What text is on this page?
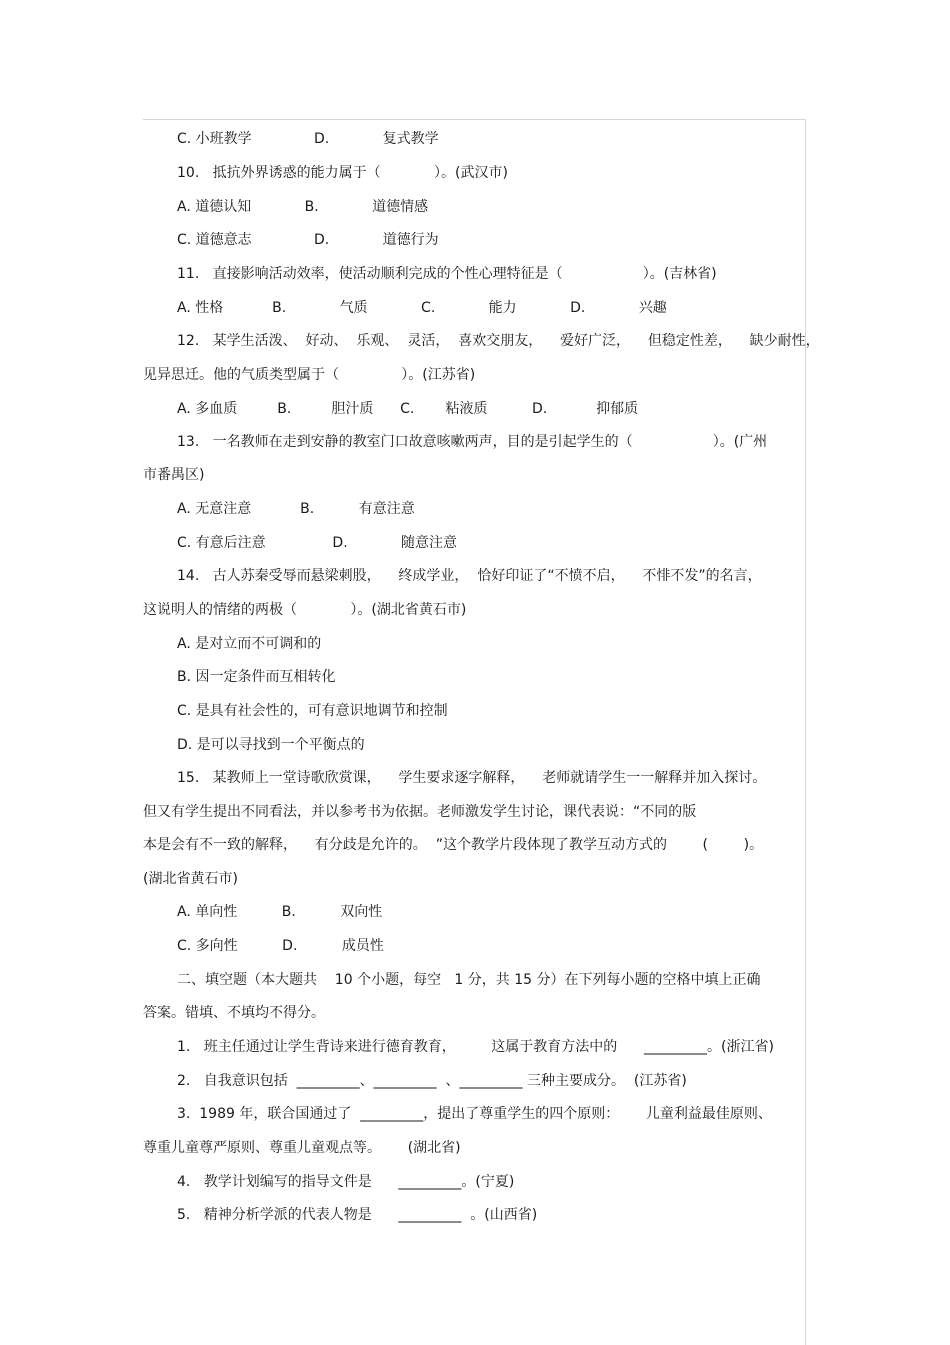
C. 小班教学              D.            复式教学
10.   抵抗外界诱惑的能力属于（            ）。(武汉市)
A. 道德认知            B.            道德情感
C. 道德意志              D.            道德行为
11.   直接影响活动效率，使活动顺利完成的个性心理特征是（                  ）。(吉林省)
A. 性格           B.            气质            C.            能力            D.            兴趣
12.   某学生活泼、  好动、  乐观、  灵活，  喜欢交朋友，    爱好广泛，    但稳定性差，    缺少耐性，
见异思迁。他的气质类型属于（              ）。(江苏省)
A. 多血质         B.         胆汁质      C.       粘液质          D.           抑郁质
13.   一名教师在走到安静的教室门口故意咳嗽两声，目的是引起学生的（                  ）。(广州
市番禺区)
A. 无意注意           B.          有意注意
C. 有意后注意               D.            随意注意
14.   古人苏秦受辱而悬梁刺股，    终成学业，  恰好印证了“不愤不启，    不悱不发”的名言，
这说明人的情绪的两极（            ）。(湖北省黄石市)
A. 是对立而不可调和的
B. 因一定条件而互相转化
C. 是具有社会性的，可有意识地调节和控制
D. 是可以寻找到一个平衡点的
15.   某教师上一堂诗歌欣赏课，    学生要求逐字解释，    老师就请学生一一解释并加入探讨。
但又有学生提出不同看法，并以参考书为依据。老师激发学生讨论，课代表说：“不同的版
本是会有不一致的解释，    有分歧是允许的。  ”这个教学片段体现了教学互动方式的        (        )。
(湖北省黄石市)
A. 单向性          B.          双向性
C. 多向性          D.          成员性
二、填空题（本大题共    10 个小题，每空   1 分，共 15 分）在下列每小题的空格中填上正确
答案。错填、不填均不得分。
1.   班主任通过让学生背诗来进行德育教育，        这属于教育方法中的      _________。(浙江省)
2.   自我意识包括  _________、_________  、_________ 三种主要成分。  (江苏省)
3.  1989 年，联合国通过了  _________，提出了尊重学生的四个原则：      儿童利益最佳原则、
尊重儿童尊严原则、尊重儿童观点等。      (湖北省)
4.   教学计划编写的指导文件是      _________。(宁夏)
5.   精神分析学派的代表人物是      _________  。(山西省)
